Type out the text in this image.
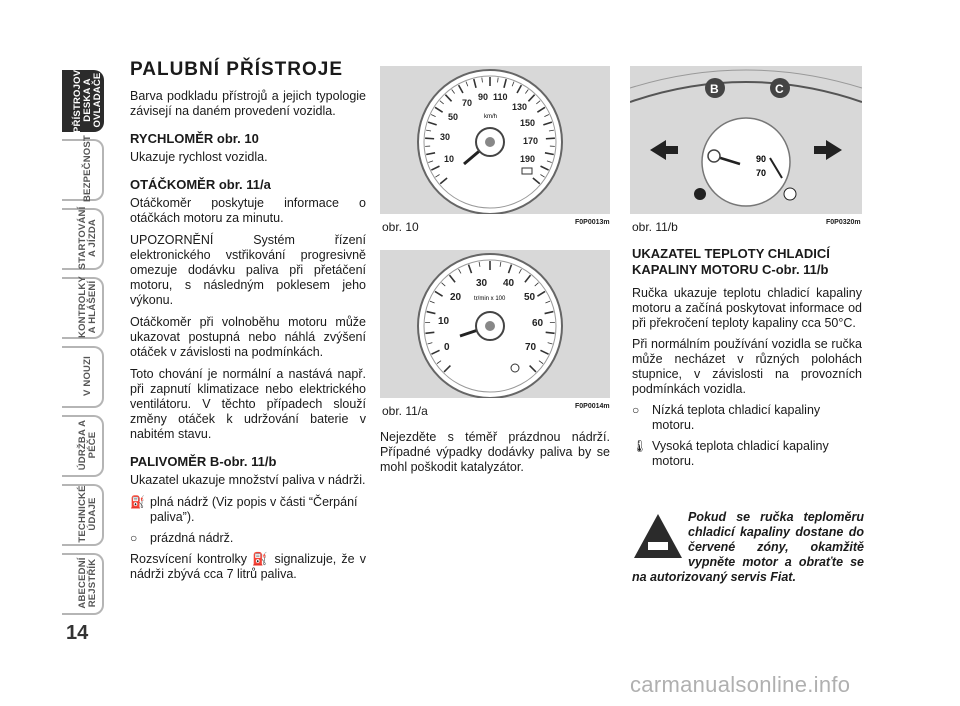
PŘÍSTROJOVÁ DESKA A OVLADAČE
BEZPEČNOST
STARTOVÁNÍ A JÍZDA
KONTROLKY A HLÁŠENÍ
V NOUZI
ÚDRŽBA A PÉČE
TECHNICKÉ ÚDAJE
ABECEDNÍ REJSTŘÍK
14
PALUBNÍ PŘÍSTROJE

Barva podkladu přístrojů a jejich typologie závisejí na daném provedení vozidla.

RYCHLOMĚR obr. 10

Ukazuje rychlost vozidla.

OTÁČKOMĚR obr. 11/a

Otáčkoměr poskytuje informace o otáčkách motoru za minutu.

UPOZORNĚNÍ Systém řízení elektronického vstřikování progresivně omezuje dodávku paliva při přetáčení motoru, s následným poklesem jeho výkonu.

Otáčkoměr při volnoběhu motoru může ukazovat postupná nebo náhlá zvýšení otáček v závislosti na podmínkách.

Toto chování je normální a nastává např. při zapnutí klimatizace nebo elektrického ventilátoru. V těchto případech slouží změny otáček k udržování baterie v nabitém stavu.

PALIVOMĚR B-obr. 11/b

Ukazatel ukazuje množství paliva v nádrži.

⛽ plná nádrž (Viz popis v části “Čerpání paliva”).
○	prázdná nádrž.

Rozsvícení kontrolky ⛽ signalizuje, že v nádrži zbývá cca 7 litrů paliva.

10
30
50
70
90 110
130
150
170
190
km/h
obr. 10	F0P0013m
0
10
20
30 40
50
60
70
tr/min x 100
obr. 11/a	F0P0014m
Nejezděte s téměř prázdnou nádrží. Případné výpadky dodávky paliva by se mohl poškodit katalyzátor.
B	C
90
70
obr. 11/b	F0P0320m
UKAZATEL TEPLOTY CHLADICÍ KAPALINY MOTORU C-obr. 11/b

Ručka ukazuje teplotu chladicí kapaliny motoru a začíná poskytovat informace od při překročení teploty kapaliny cca 50°C.

Při normálním používání vozidla se ručka může necházet v různých polohách stupnice, v závislosti na provozních podmínkách vozidla.

○	Nízká teplota chladicí kapaliny motoru.
🌡 Vysoká teplota chladicí kapaliny motoru.
Pokud se ručka teploměru chladicí kapaliny dostane do červené zóny, okamžitě vypněte motor a obraťte se na autorizovaný servis Fiat.
carmanualsonline.info
